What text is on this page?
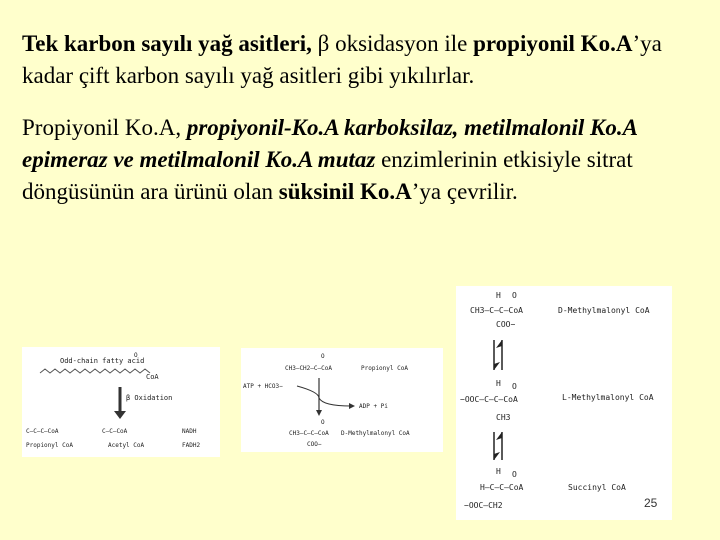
Tek karbon sayılı yağ asitleri, β oksidasyon ile propiyonil Ko.A’ya kadar çift karbon sayılı yağ asitleri gibi yıkılırlar.

Propiyonil Ko.A, propiyonil-Ko.A karboksilaz, metilmalonil Ko.A epimeraz ve metilmalonil Ko.A mutaz enzimlerinin etkisiyle sitrat döngüsünün ara ürünü olan süksinil Ko.A’ya çevrilir.

Odd-chain fatty acid
O
CoA
β Oxidation
C–C–C–CoA
Propionyl CoA
C–C–CoA
Acetyl CoA
NADH
FADH2
O
CH3–CH2–C–CoA	Propionyl CoA
ATP + HCO3−
ADP + Pi
O
CH3–C–C–CoA
COO−
D-Methylmalonyl CoA
H O
CH3–C–C–CoA
COO−
D-Methylmalonyl CoA
H O
−OOC–C–C–CoA
CH3
L-Methylmalonyl CoA
H O
H–C–C–CoA
−OOC–CH2
Succinyl CoA
25
